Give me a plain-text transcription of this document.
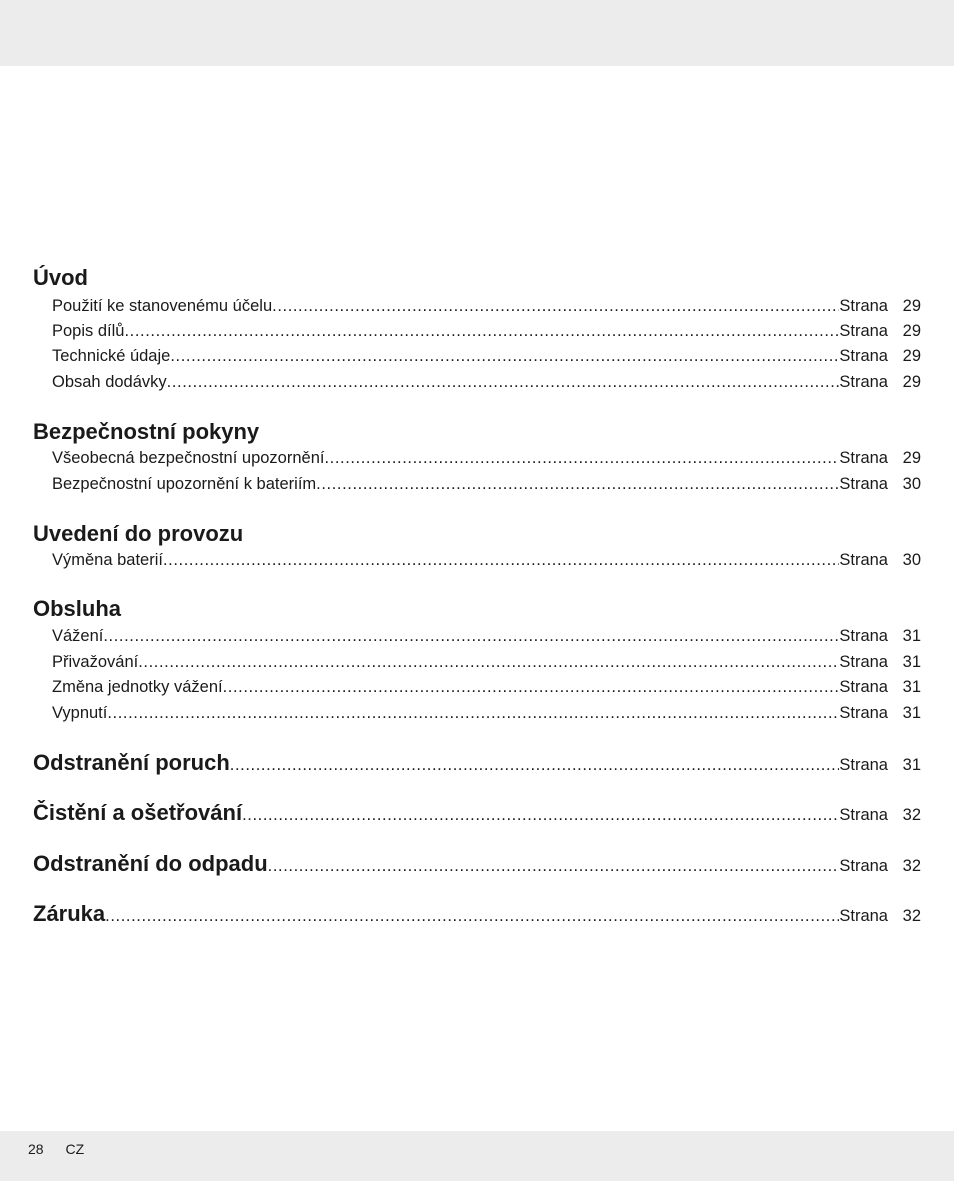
Úvod
Použití ke stanovenému účelu .....	Strana 29
Popis dílů .....	Strana 29
Technické údaje .....	Strana 29
Obsah dodávky .....	Strana 29
Bezpečnostní pokyny
Všeobecná bezpečnostní upozornění .....	Strana 29
Bezpečnostní upozornění k bateriím .....	Strana 30
Uvedení do provozu
Výměna baterií .....	Strana 30
Obsluha
Vážení .....	Strana 31
Přivažování .....	Strana 31
Změna jednotky vážení .....	Strana 31
Vypnutí .....	Strana 31
Odstranění poruch .....	Strana 31
Čistění a ošetřování .....	Strana 32
Odstranění do odpadu .....	Strana 32
Záruka .....	Strana 32
28 CZ
